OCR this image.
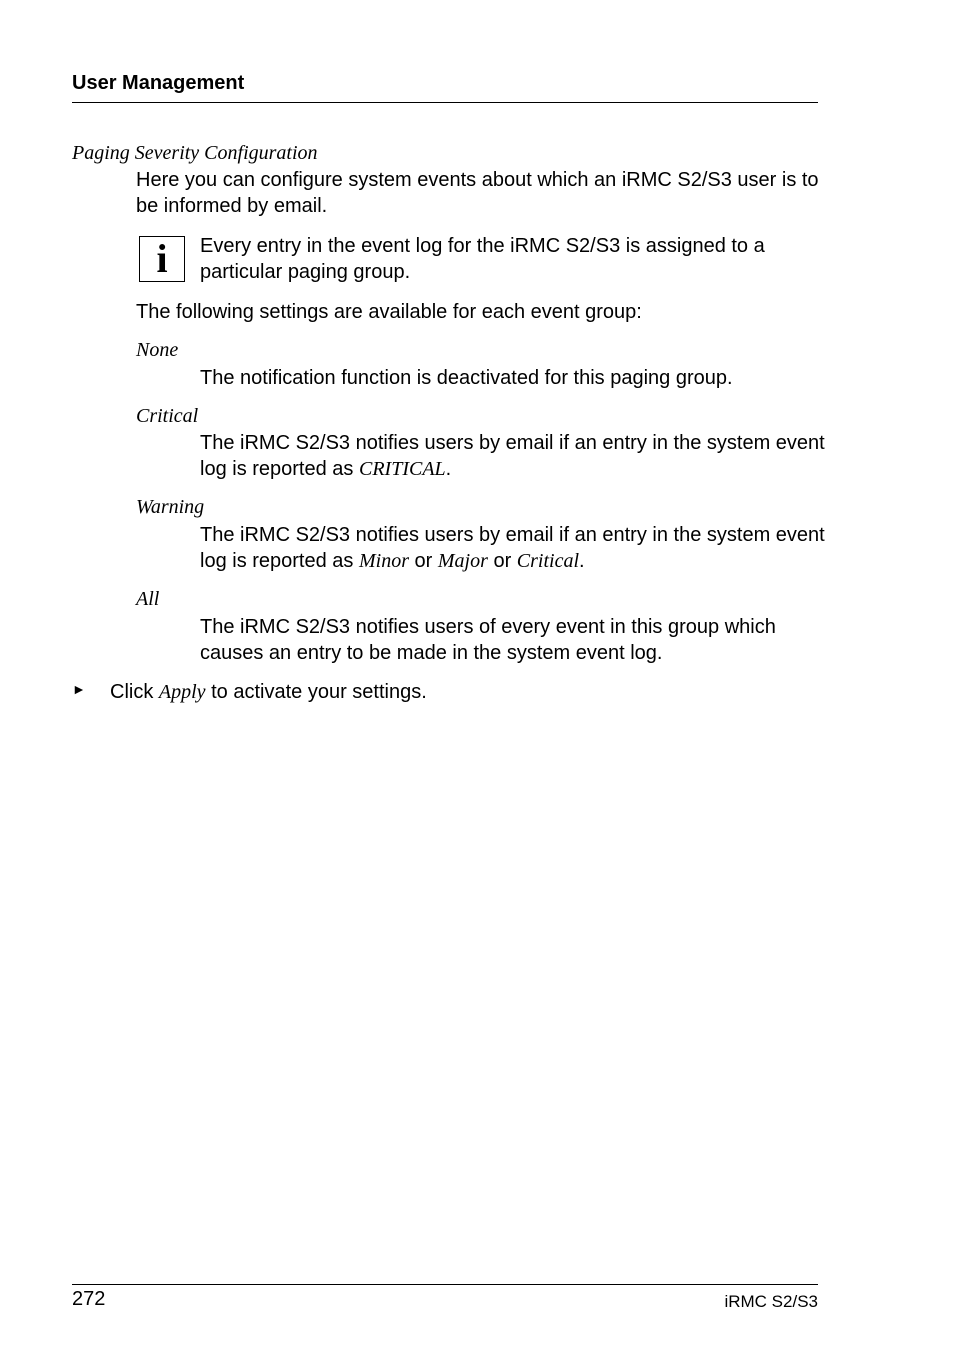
User Management
Paging Severity Configuration
Here you can configure system events about which an iRMC S2/S3 user is to be informed by email.
i Every entry in the event log for the iRMC S2/S3 is assigned to a particular paging group.
The following settings are available for each event group:
None
The notification function is deactivated for this paging group.
Critical
The iRMC S2/S3 notifies users by email if an entry in the system event log is reported as CRITICAL.
Warning
The iRMC S2/S3 notifies users by email if an entry in the system event log is reported as Minor or Major or Critical.
All
The iRMC S2/S3 notifies users of every event in this group which causes an entry to be made in the system event log.
► Click Apply to activate your settings.
272	iRMC S2/S3
